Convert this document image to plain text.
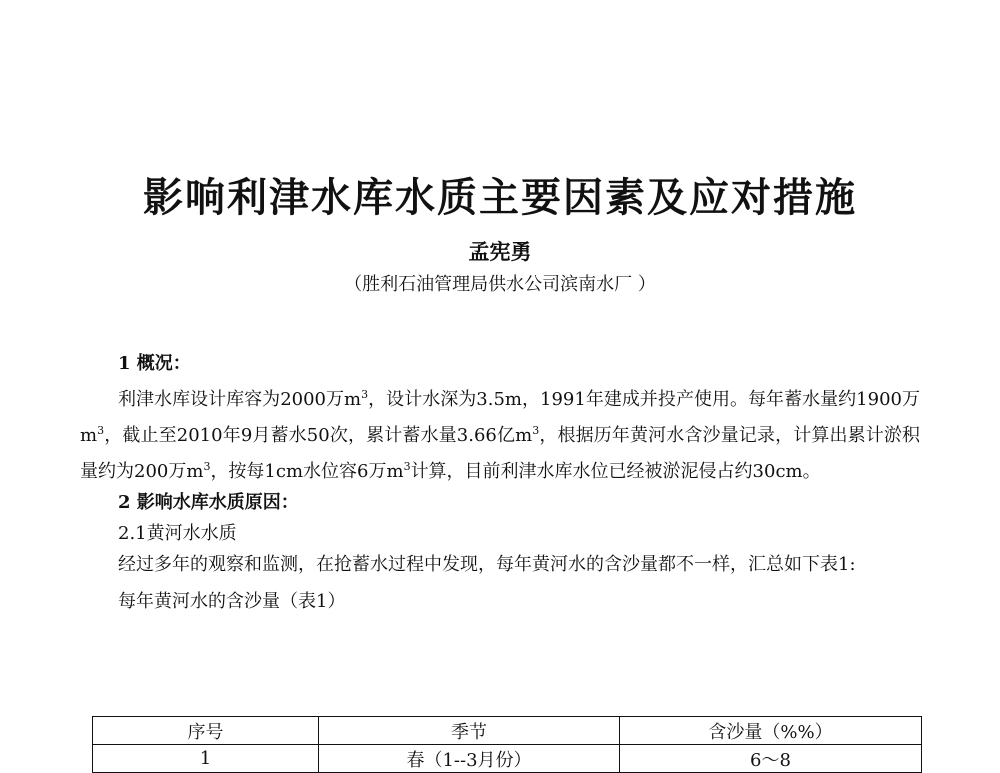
影响利津水库水质主要因素及应对措施
孟宪勇
（胜利石油管理局供水公司滨南水厂 ）

1 概况：

利津水库设计库容为2000万$m^3$，设计水深为3.5m，1991年建成并投产使用。每年蓄水量约1900万$m^3$，截止至2010年9月蓄水50次，累计蓄水量3.66亿$m^3$，根据历年黄河水含沙量记录，计算出累计淤积量约为200万$m^3$，按每1cm水位容6万$m^3$计算，目前利津水库水位已经被淤泥侵占约30cm。

2 影响水库水质原因：

2.1黄河水水质

经过多年的观察和监测，在抢蓄水过程中发现，每年黄河水的含沙量都不一样，汇总如下表1:

每年黄河水的含沙量（表1）

序号	季节	含沙量（%%）
1	春（1--3月份）	6～8
